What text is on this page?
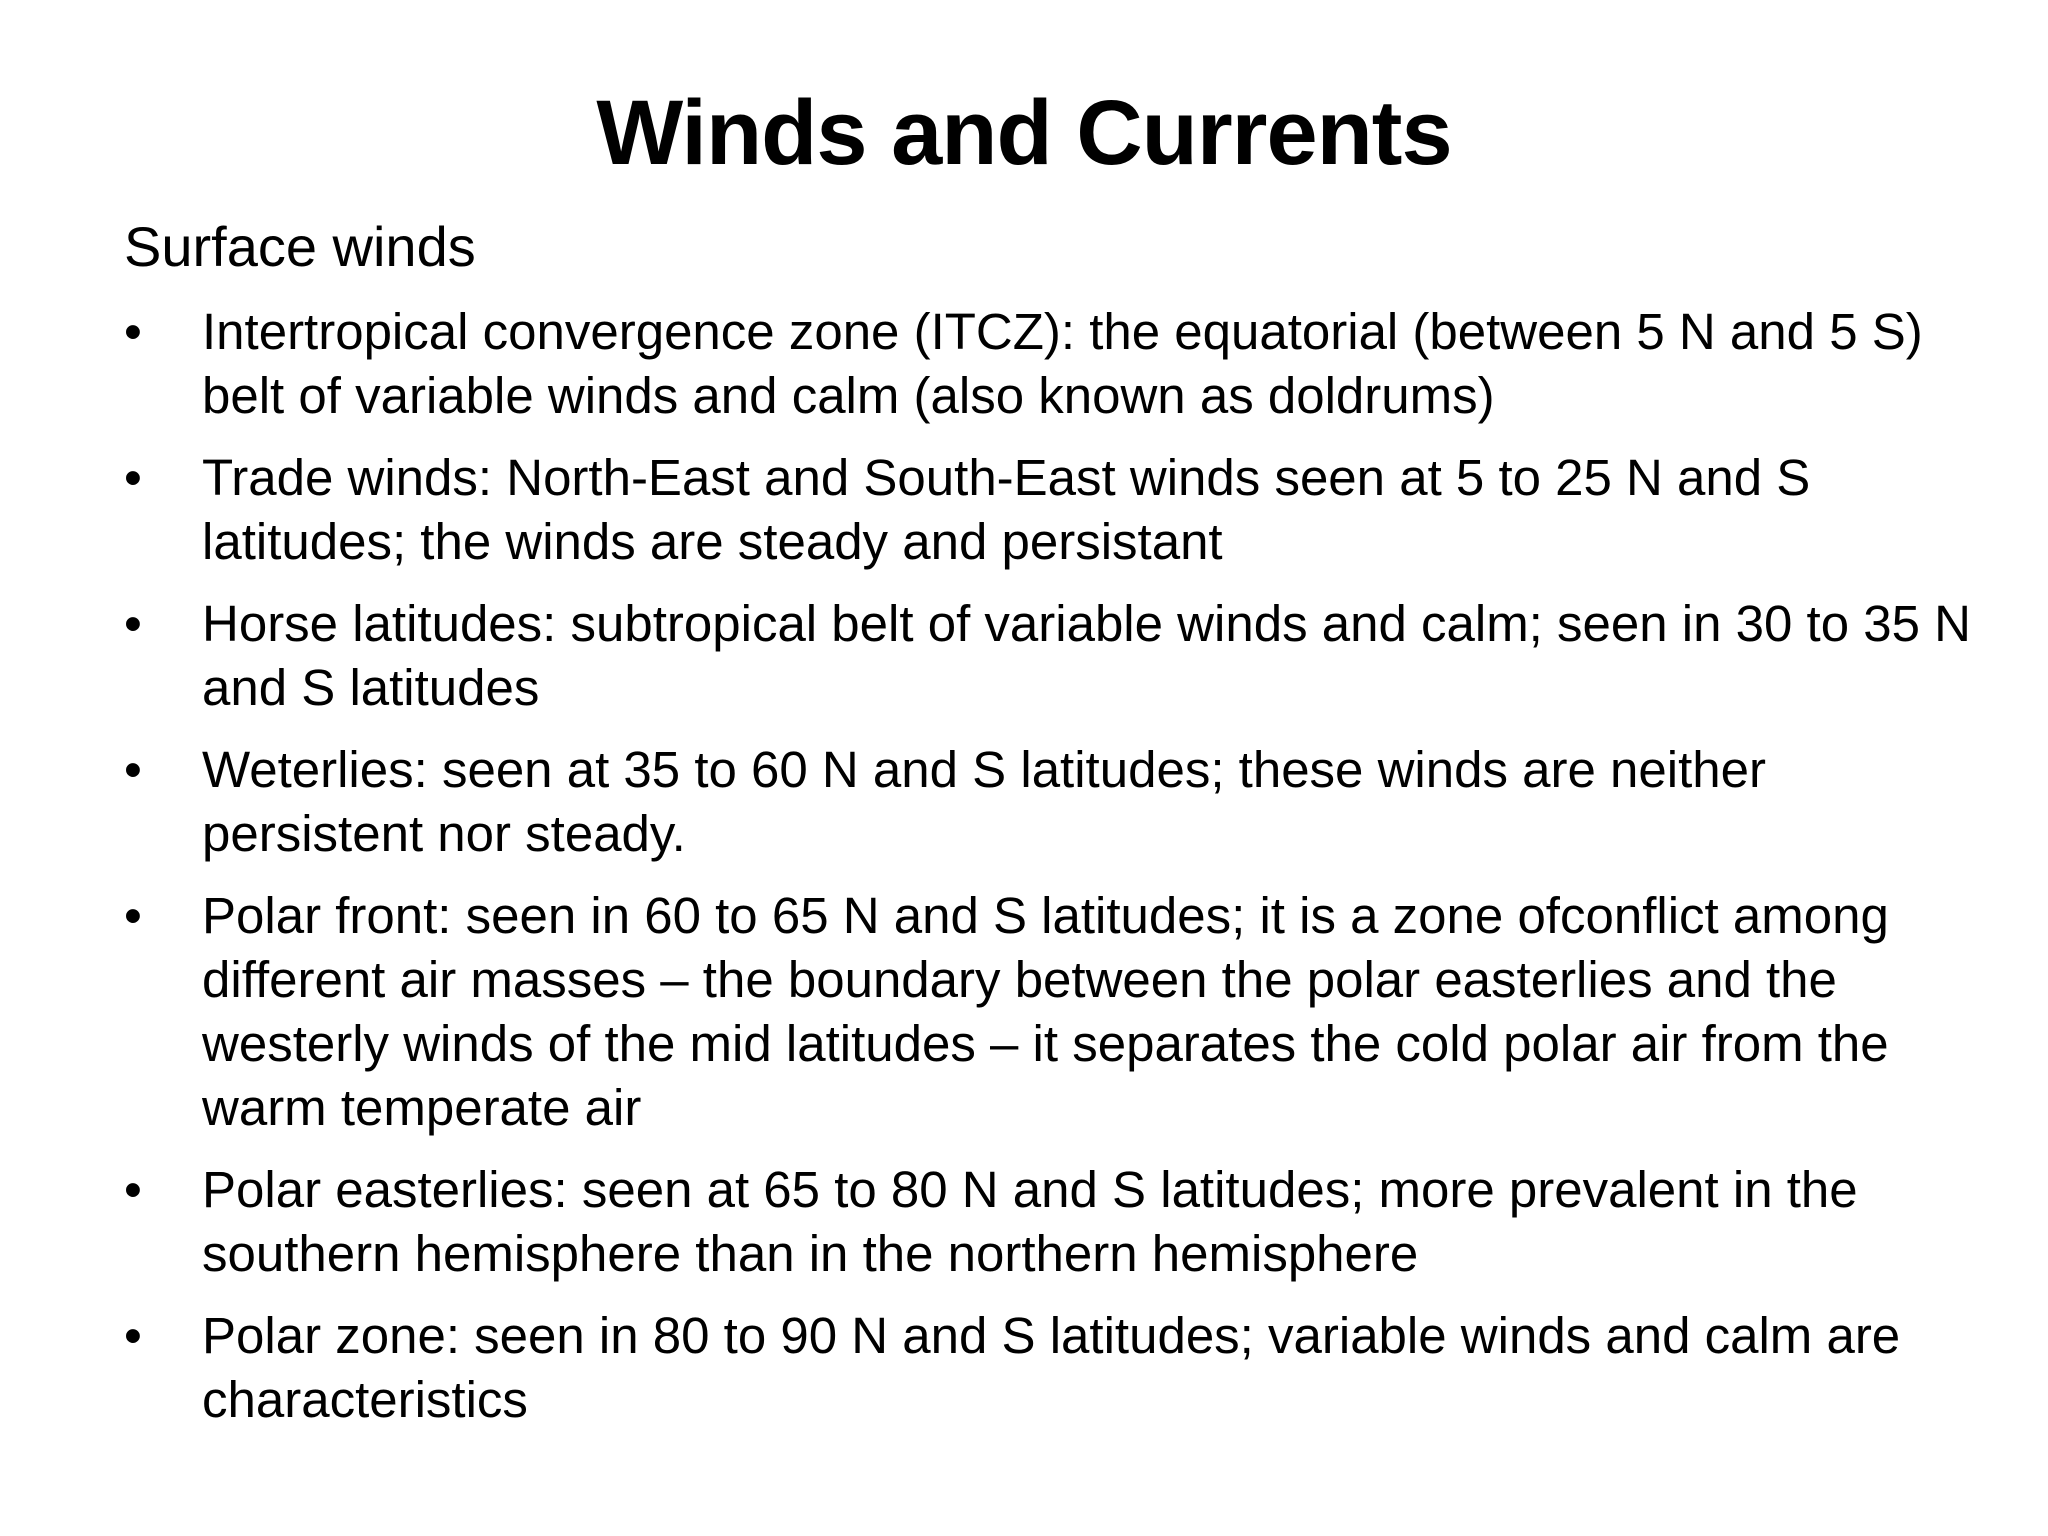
Winds and Currents
Surface winds
•	Intertropical convergence zone (ITCZ): the equatorial (between 5 N and 5 S) belt of variable winds and calm (also known as doldrums)
•	Trade winds: North-East and South-East winds seen at 5 to 25 N and S latitudes; the winds are steady and persistant
•	Horse latitudes: subtropical belt of variable winds and calm; seen in 30 to 35 N and S latitudes
•	Weterlies: seen at 35 to 60 N and S latitudes; these winds are neither persistent nor steady.
•	Polar front: seen in 60 to 65 N and S latitudes; it is a zone ofconflict among different air masses – the boundary between the polar easterlies and the westerly winds of the mid latitudes – it separates the cold polar air from the warm temperate air
•	Polar easterlies: seen at 65 to 80 N and S latitudes; more prevalent in the southern hemisphere than in the northern hemisphere
•	Polar zone: seen in 80 to 90 N and S latitudes; variable winds and calm are characteristics
